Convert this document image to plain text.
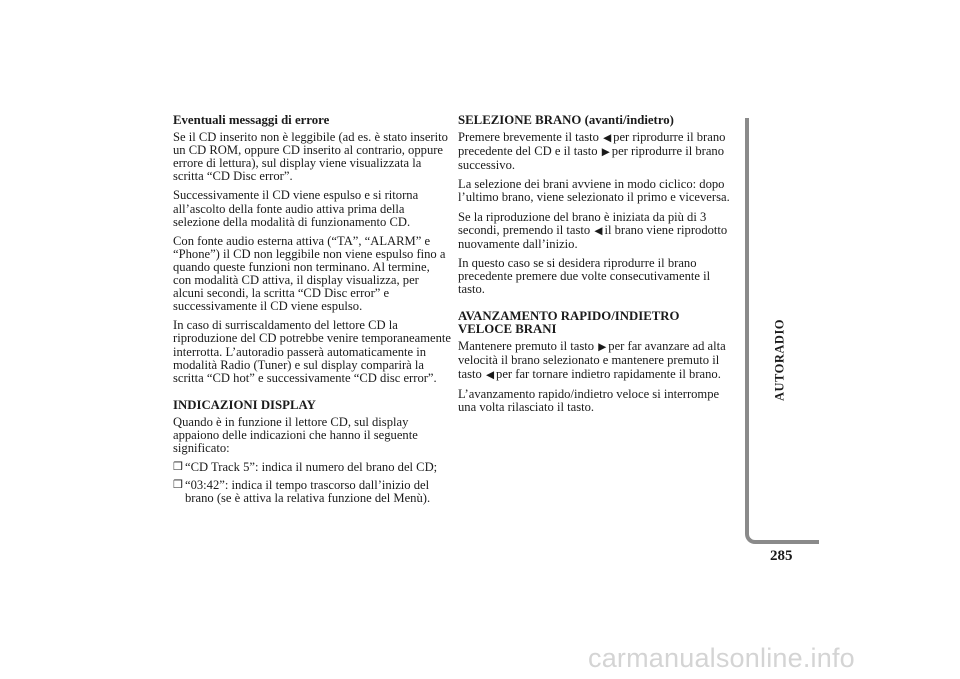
Eventuali messaggi di errore

Se il CD inserito non è leggibile (ad es. è stato inserito un CD ROM, oppure CD inserito al contrario, oppure errore di lettura), sul display viene visualizzata la scritta “CD Disc error”.

Successivamente il CD viene espulso e si ritorna all’ascolto della fonte audio attiva prima della selezione della modalità di funzionamento CD.

Con fonte audio esterna attiva (“TA”, “ALARM” e “Phone”) il CD non leggibile non viene espulso fino a quando queste funzioni non terminano. Al termine, con modalità CD attiva, il display visualizza, per alcuni secondi, la scritta “CD Disc error” e successivamente il CD viene espulso.

In caso di surriscaldamento del lettore CD la riproduzione del CD potrebbe venire temporaneamente interrotta. L’autoradio passerà automaticamente in modalità Radio (Tuner) e sul display comparirà la scritta “CD hot” e successivamente “CD disc error”.

INDICAZIONI DISPLAY

Quando è in funzione il lettore CD, sul display appaiono delle indicazioni che hanno il seguente significato:

❒ “CD Track 5”: indica il numero del brano del CD;
❒ “03:42”: indica il tempo trascorso dall’inizio del brano (se è attiva la relativa funzione del Menù).
SELEZIONE BRANO (avanti/indietro)

Premere brevemente il tasto ◀ per riprodurre il brano precedente del CD e il tasto ▶ per riprodurre il brano successivo.

La selezione dei brani avviene in modo ciclico: dopo l’ultimo brano, viene selezionato il primo e viceversa.

Se la riproduzione del brano è iniziata da più di 3 secondi, premendo il tasto ◀ il brano viene riprodotto nuovamente dall’inizio.

In questo caso se si desidera riprodurre il brano precedente premere due volte consecutivamente il tasto.

AVANZAMENTO RAPIDO/INDIETRO VELOCE BRANI

Mantenere premuto il tasto ▶ per far avanzare ad alta velocità il brano selezionato e mantenere premuto il tasto ◀ per far tornare indietro rapidamente il brano.

L’avanzamento rapido/indietro veloce si interrompe una volta rilasciato il tasto.

AUTORADIO
285
carmanualsonline.info
